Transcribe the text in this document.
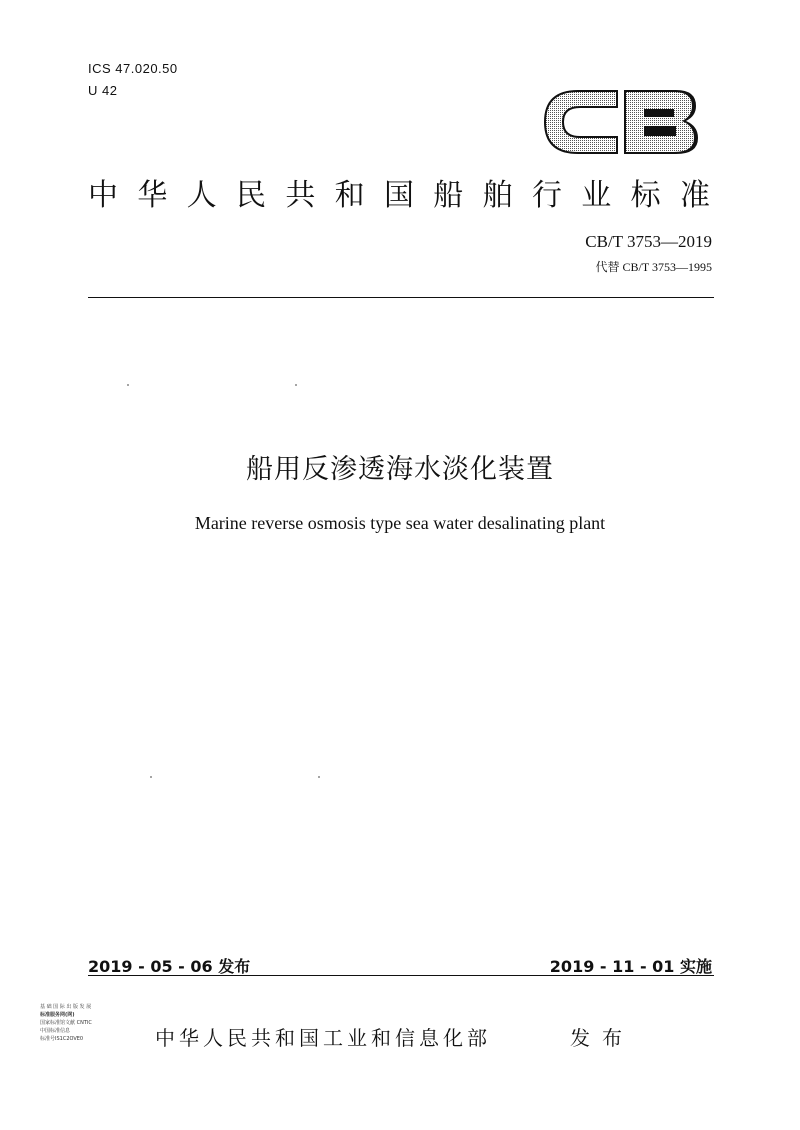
ICS 47.020.50
U 42
中 华 人 民 共 和 国 船 舶 行 业 标 准
CB/T 3753—2019
代替 CB/T 3753—1995
船用反渗透海水淡化装置
Marine reverse osmosis type sea water desalinating plant
2019 - 05 - 06 发布	2019 - 11 - 01 实施
基 础 国 际 出 版 发 展
标准服务网(网)
国家标准馆文献 CNTIC
中国标准信息
标准号IS1C2OVE0	中华人民共和国工业和信息化部	发布
